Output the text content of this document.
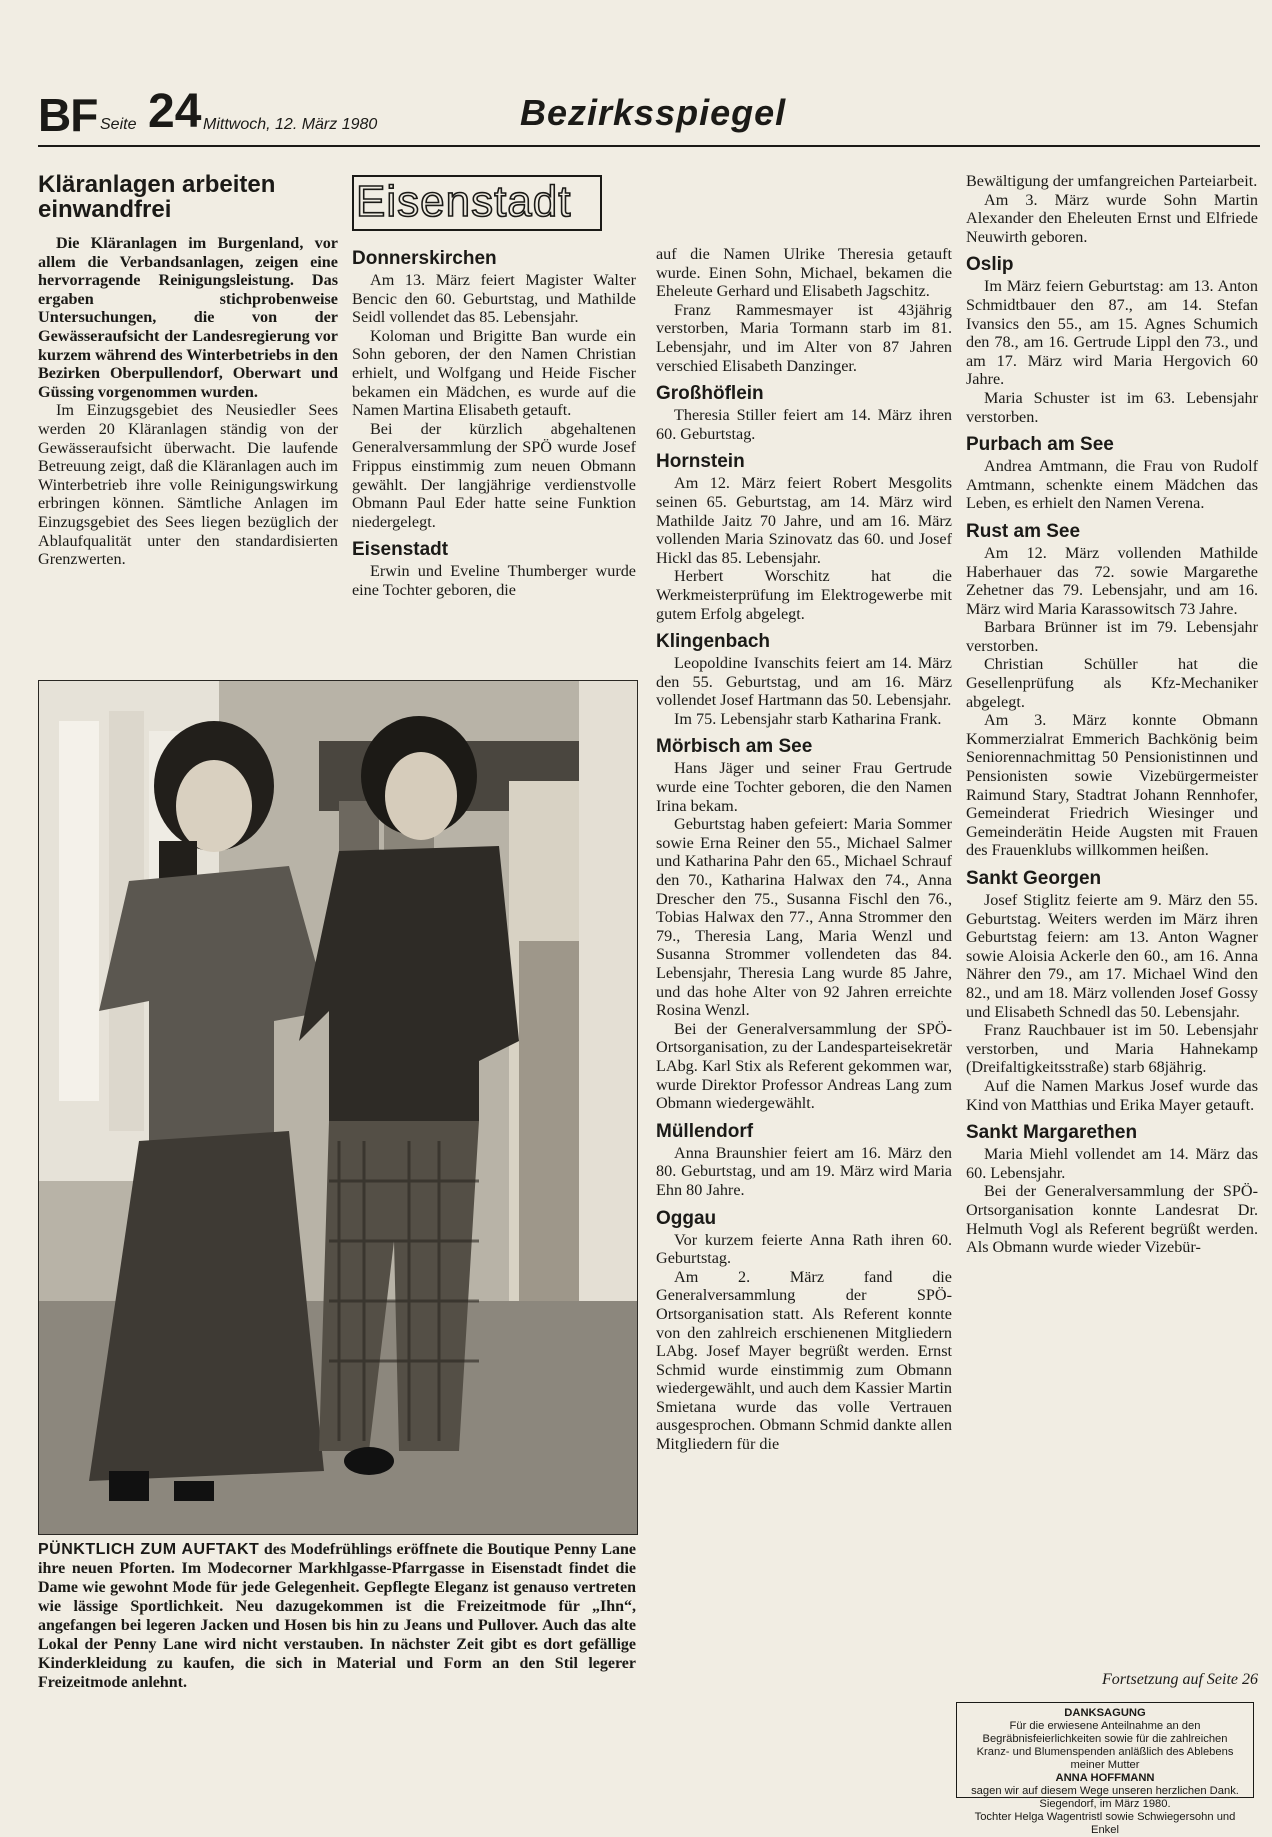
BF Seite 24 Mittwoch, 12. März 1980	Bezirksspiegel
Kläranlagen arbeiten einwandfrei

Die Kläranlagen im Burgenland, vor allem die Verbandsanlagen, zeigen eine hervorragende Reinigungsleistung. Das ergaben stichprobenweise Untersuchungen, die von der Gewässeraufsicht der Landesregierung vor kurzem während des Winterbetriebs in den Bezirken Oberpullendorf, Oberwart und Güssing vorgenommen wurden.

Im Einzugsgebiet des Neusiedler Sees werden 20 Kläranlagen ständig von der Gewässeraufsicht überwacht. Die laufende Betreuung zeigt, daß die Kläranlagen auch im Winterbetrieb ihre volle Reinigungswirkung erbringen können. Sämtliche Anlagen im Einzugsgebiet des Sees liegen bezüglich der Ablaufqualität unter den standardisierten Grenzwerten.

Eisenstadt
Donnerskirchen

Am 13. März feiert Magister Walter Bencic den 60. Geburtstag, und Mathilde Seidl vollendet das 85. Lebensjahr.

Koloman und Brigitte Ban wurde ein Sohn geboren, der den Namen Christian erhielt, und Wolfgang und Heide Fischer bekamen ein Mädchen, es wurde auf die Namen Martina Elisabeth getauft.

Bei der kürzlich abgehaltenen Generalversammlung der SPÖ wurde Josef Frippus einstimmig zum neuen Obmann gewählt. Der langjährige verdienstvolle Obmann Paul Eder hatte seine Funktion niedergelegt.

Eisenstadt

Erwin und Eveline Thumberger wurde eine Tochter geboren, die

auf die Namen Ulrike Theresia getauft wurde. Einen Sohn, Michael, bekamen die Eheleute Gerhard und Elisabeth Jagschitz.

Franz Rammesmayer ist 43jährig verstorben, Maria Tormann starb im 81. Lebensjahr, und im Alter von 87 Jahren verschied Elisabeth Danzinger.

Großhöflein

Theresia Stiller feiert am 14. März ihren 60. Geburtstag.

Hornstein

Am 12. März feiert Robert Mesgolits seinen 65. Geburtstag, am 14. März wird Mathilde Jaitz 70 Jahre, und am 16. März vollenden Maria Szinovatz das 60. und Josef Hickl das 85. Lebensjahr.

Herbert Worschitz hat die Werkmeisterprüfung im Elektrogewerbe mit gutem Erfolg abgelegt.

Klingenbach

Leopoldine Ivanschits feiert am 14. März den 55. Geburtstag, und am 16. März vollendet Josef Hartmann das 50. Lebensjahr.

Im 75. Lebensjahr starb Katharina Frank.

Mörbisch am See

Hans Jäger und seiner Frau Gertrude wurde eine Tochter geboren, die den Namen Irina bekam.

Geburtstag haben gefeiert: Maria Sommer sowie Erna Reiner den 55., Michael Salmer und Katharina Pahr den 65., Michael Schrauf den 70., Katharina Halwax den 74., Anna Drescher den 75., Susanna Fischl den 76., Tobias Halwax den 77., Anna Strommer den 79., Theresia Lang, Maria Wenzl und Susanna Strommer vollendeten das 84. Lebensjahr, Theresia Lang wurde 85 Jahre, und das hohe Alter von 92 Jahren erreichte Rosina Wenzl.

Bei der Generalversammlung der SPÖ-Ortsorganisation, zu der Landesparteisekretär LAbg. Karl Stix als Referent gekommen war, wurde Direktor Professor Andreas Lang zum Obmann wiedergewählt.

Müllendorf

Anna Braunshier feiert am 16. März den 80. Geburtstag, und am 19. März wird Maria Ehn 80 Jahre.

Oggau

Vor kurzem feierte Anna Rath ihren 60. Geburtstag.

Am 2. März fand die Generalversammlung der SPÖ-Ortsorganisation statt. Als Referent konnte von den zahlreich erschienenen Mitgliedern LAbg. Josef Mayer begrüßt werden. Ernst Schmid wurde einstimmig zum Obmann wiedergewählt, und auch dem Kassier Martin Smietana wurde das volle Vertrauen ausgesprochen. Obmann Schmid dankte allen Mitgliedern für die

Bewältigung der umfangreichen Parteiarbeit.

Am 3. März wurde Sohn Martin Alexander den Eheleuten Ernst und Elfriede Neuwirth geboren.

Oslip

Im März feiern Geburtstag: am 13. Anton Schmidtbauer den 87., am 14. Stefan Ivansics den 55., am 15. Agnes Schumich den 78., am 16. Gertrude Lippl den 73., und am 17. März wird Maria Hergovich 60 Jahre.

Maria Schuster ist im 63. Lebensjahr verstorben.

Purbach am See

Andrea Amtmann, die Frau von Rudolf Amtmann, schenkte einem Mädchen das Leben, es erhielt den Namen Verena.

Rust am See

Am 12. März vollenden Mathilde Haberhauer das 72. sowie Margarethe Zehetner das 79. Lebensjahr, und am 16. März wird Maria Karassowitsch 73 Jahre.

Barbara Brünner ist im 79. Lebensjahr verstorben.

Christian Schüller hat die Gesellenprüfung als Kfz-Mechaniker abgelegt.

Am 3. März konnte Obmann Kommerzialrat Emmerich Bachkönig beim Seniorennachmittag 50 Pensionistinnen und Pensionisten sowie Vizebürgermeister Raimund Stary, Stadtrat Johann Rennhofer, Gemeinderat Friedrich Wiesinger und Gemeinderätin Heide Augsten mit Frauen des Frauenklubs willkommen heißen.

Sankt Georgen

Josef Stiglitz feierte am 9. März den 55. Geburtstag. Weiters werden im März ihren Geburtstag feiern: am 13. Anton Wagner sowie Aloisia Ackerle den 60., am 16. Anna Nährer den 79., am 17. Michael Wind den 82., und am 18. März vollenden Josef Gossy und Elisabeth Schnedl das 50. Lebensjahr.

Franz Rauchbauer ist im 50. Lebensjahr verstorben, und Maria Hahnekamp (Dreifaltigkeitsstraße) starb 68jährig.

Auf die Namen Markus Josef wurde das Kind von Matthias und Erika Mayer getauft.

Sankt Margarethen

Maria Miehl vollendet am 14. März das 60. Lebensjahr.

Bei der Generalversammlung der SPÖ-Ortsorganisation konnte Landesrat Dr. Helmuth Vogl als Referent begrüßt werden. Als Obmann wurde wieder Vizebür-

PÜNKTLICH ZUM AUFTAKT des Modefrühlings eröffnete die Boutique Penny Lane ihre neuen Pforten. Im Modecorner Markhlgasse-Pfarrgasse in Eisenstadt findet die Dame wie gewohnt Mode für jede Gelegenheit. Gepflegte Eleganz ist genauso vertreten wie lässige Sportlichkeit. Neu dazugekommen ist die Freizeitmode für „Ihn“, angefangen bei legeren Jacken und Hosen bis hin zu Jeans und Pullover. Auch das alte Lokal der Penny Lane wird nicht verstauben. In nächster Zeit gibt es dort gefällige Kinderkleidung zu kaufen, die sich in Material und Form an den Stil legerer Freizeitmode anlehnt.	Fortsetzung auf Seite 26
DANKSAGUNG
Für die erwiesene Anteilnahme an den Begräbnisfeierlichkeiten sowie für die zahlreichen Kranz- und Blumenspenden anläßlich des Ablebens meiner Mutter
ANNA HOFFMANN
sagen wir auf diesem Wege unseren herzlichen Dank.
Siegendorf, im März 1980.
Tochter Helga Wagentristl sowie Schwiegersohn und Enkel
